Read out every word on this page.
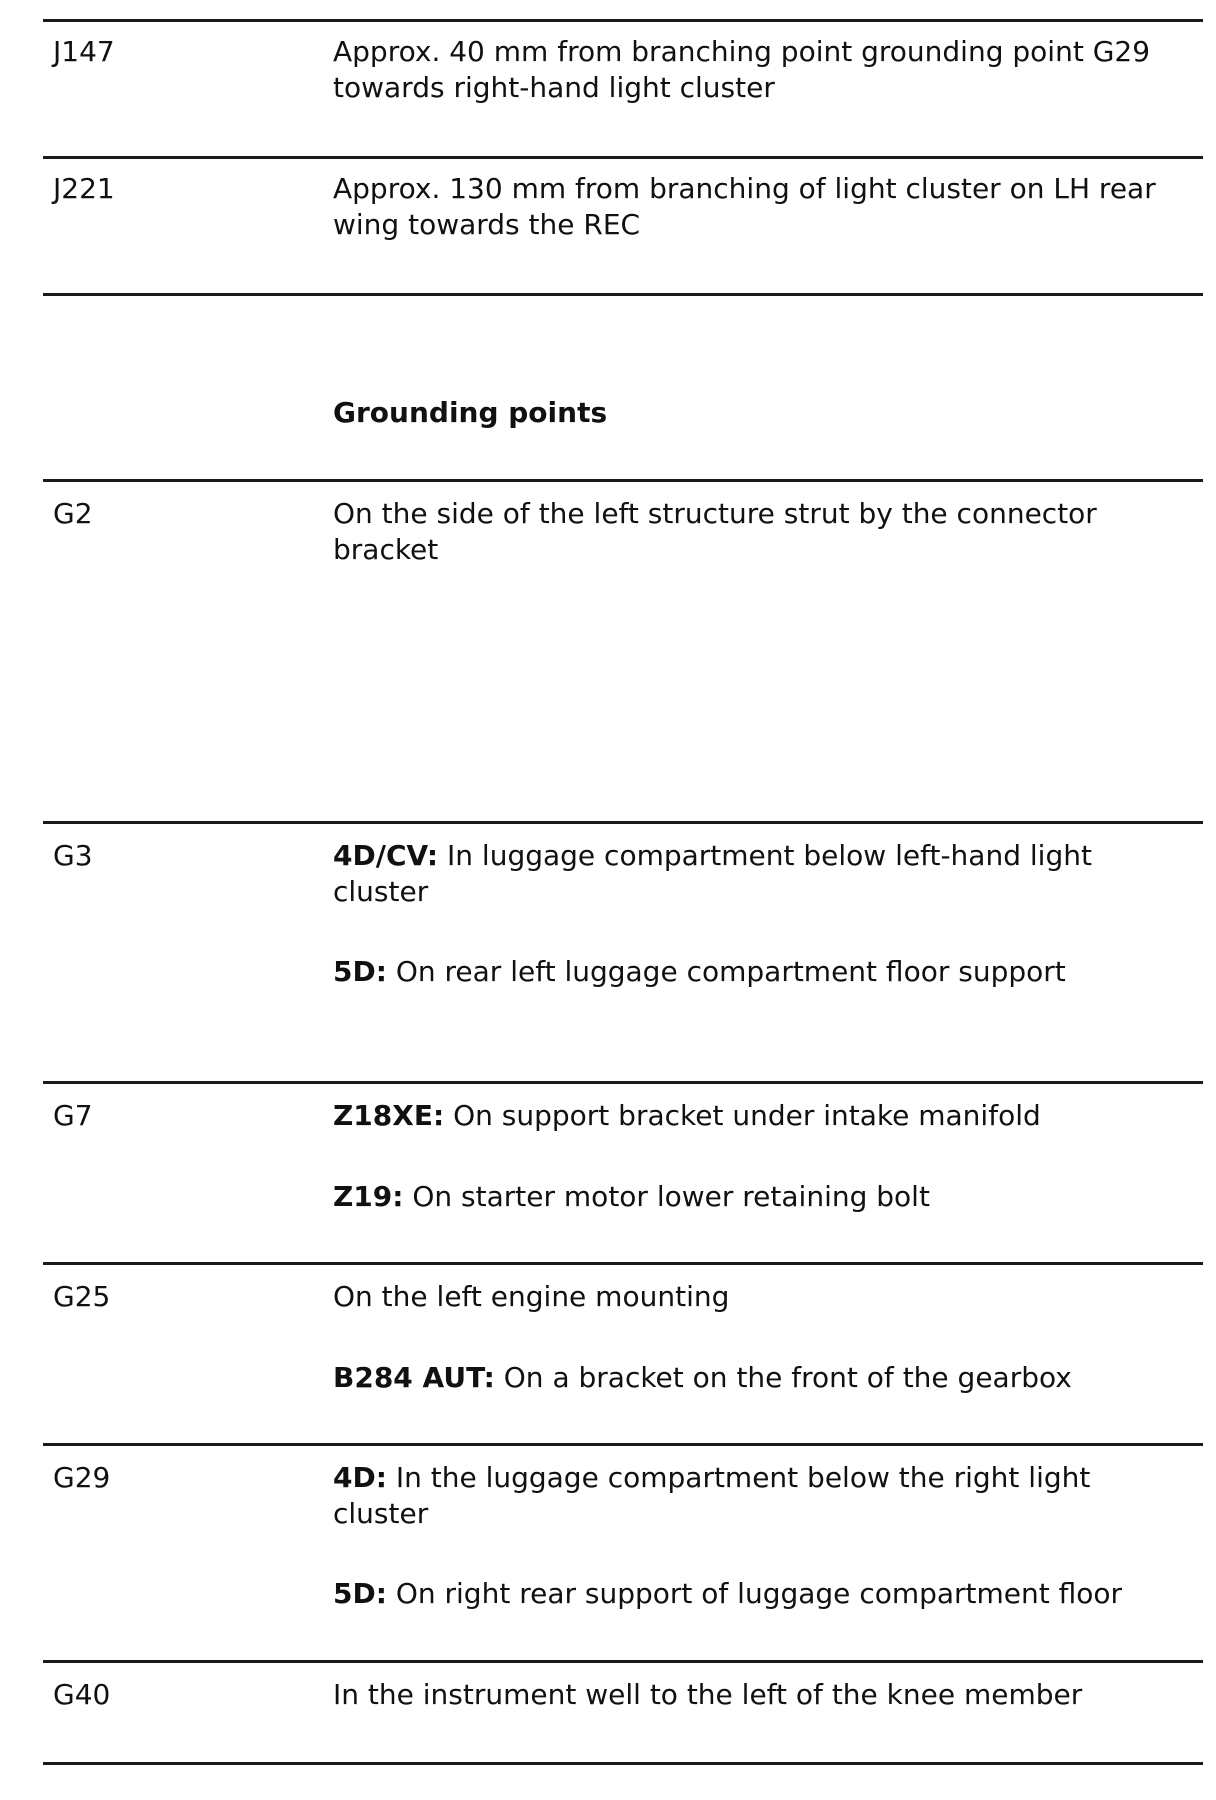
J147	Approx. 40 mm from branching point grounding point G29 towards right-hand light cluster
J221	Approx. 130 mm from branching of light cluster on LH rear wing towards the REC
Grounding points
G2	On the side of the left structure strut by the connector bracket
G3	4D/CV: In luggage compartment below left-hand light cluster
5D: On rear left luggage compartment floor support
G7	Z18XE: On support bracket under intake manifold
Z19: On starter motor lower retaining bolt
G25	On the left engine mounting
B284 AUT: On a bracket on the front of the gearbox
G29	4D: In the luggage compartment below the right light cluster
5D: On right rear support of luggage compartment floor
G40	In the instrument well to the left of the knee member
